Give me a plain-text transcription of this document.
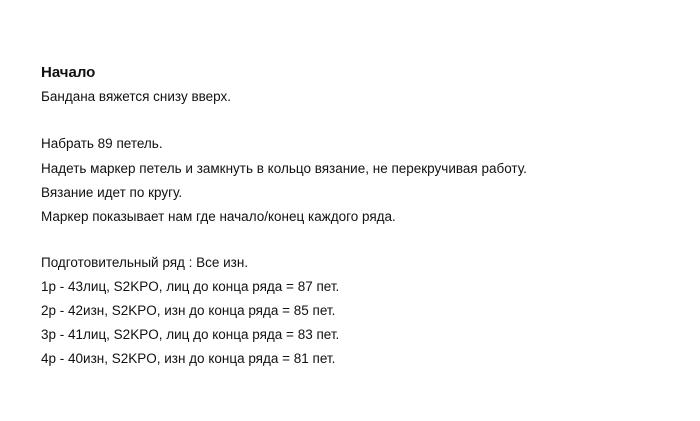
Начало
Бандана вяжется снизу вверх.
Набрать 89 петель.
Надеть маркер петель и замкнуть в кольцо вязание, не перекручивая работу.
Вязание идет по кругу.
Маркер показывает нам где начало/конец каждого ряда.
Подготовительный ряд : Все изн.
1р - 43лиц, S2KPO, лиц до конца ряда = 87 пет.
2р - 42изн, S2KPO, изн до конца ряда = 85 пет.
3р - 41лиц, S2KPO, лиц до конца ряда = 83 пет.
4р - 40изн, S2KPO, изн до конца ряда = 81 пет.
